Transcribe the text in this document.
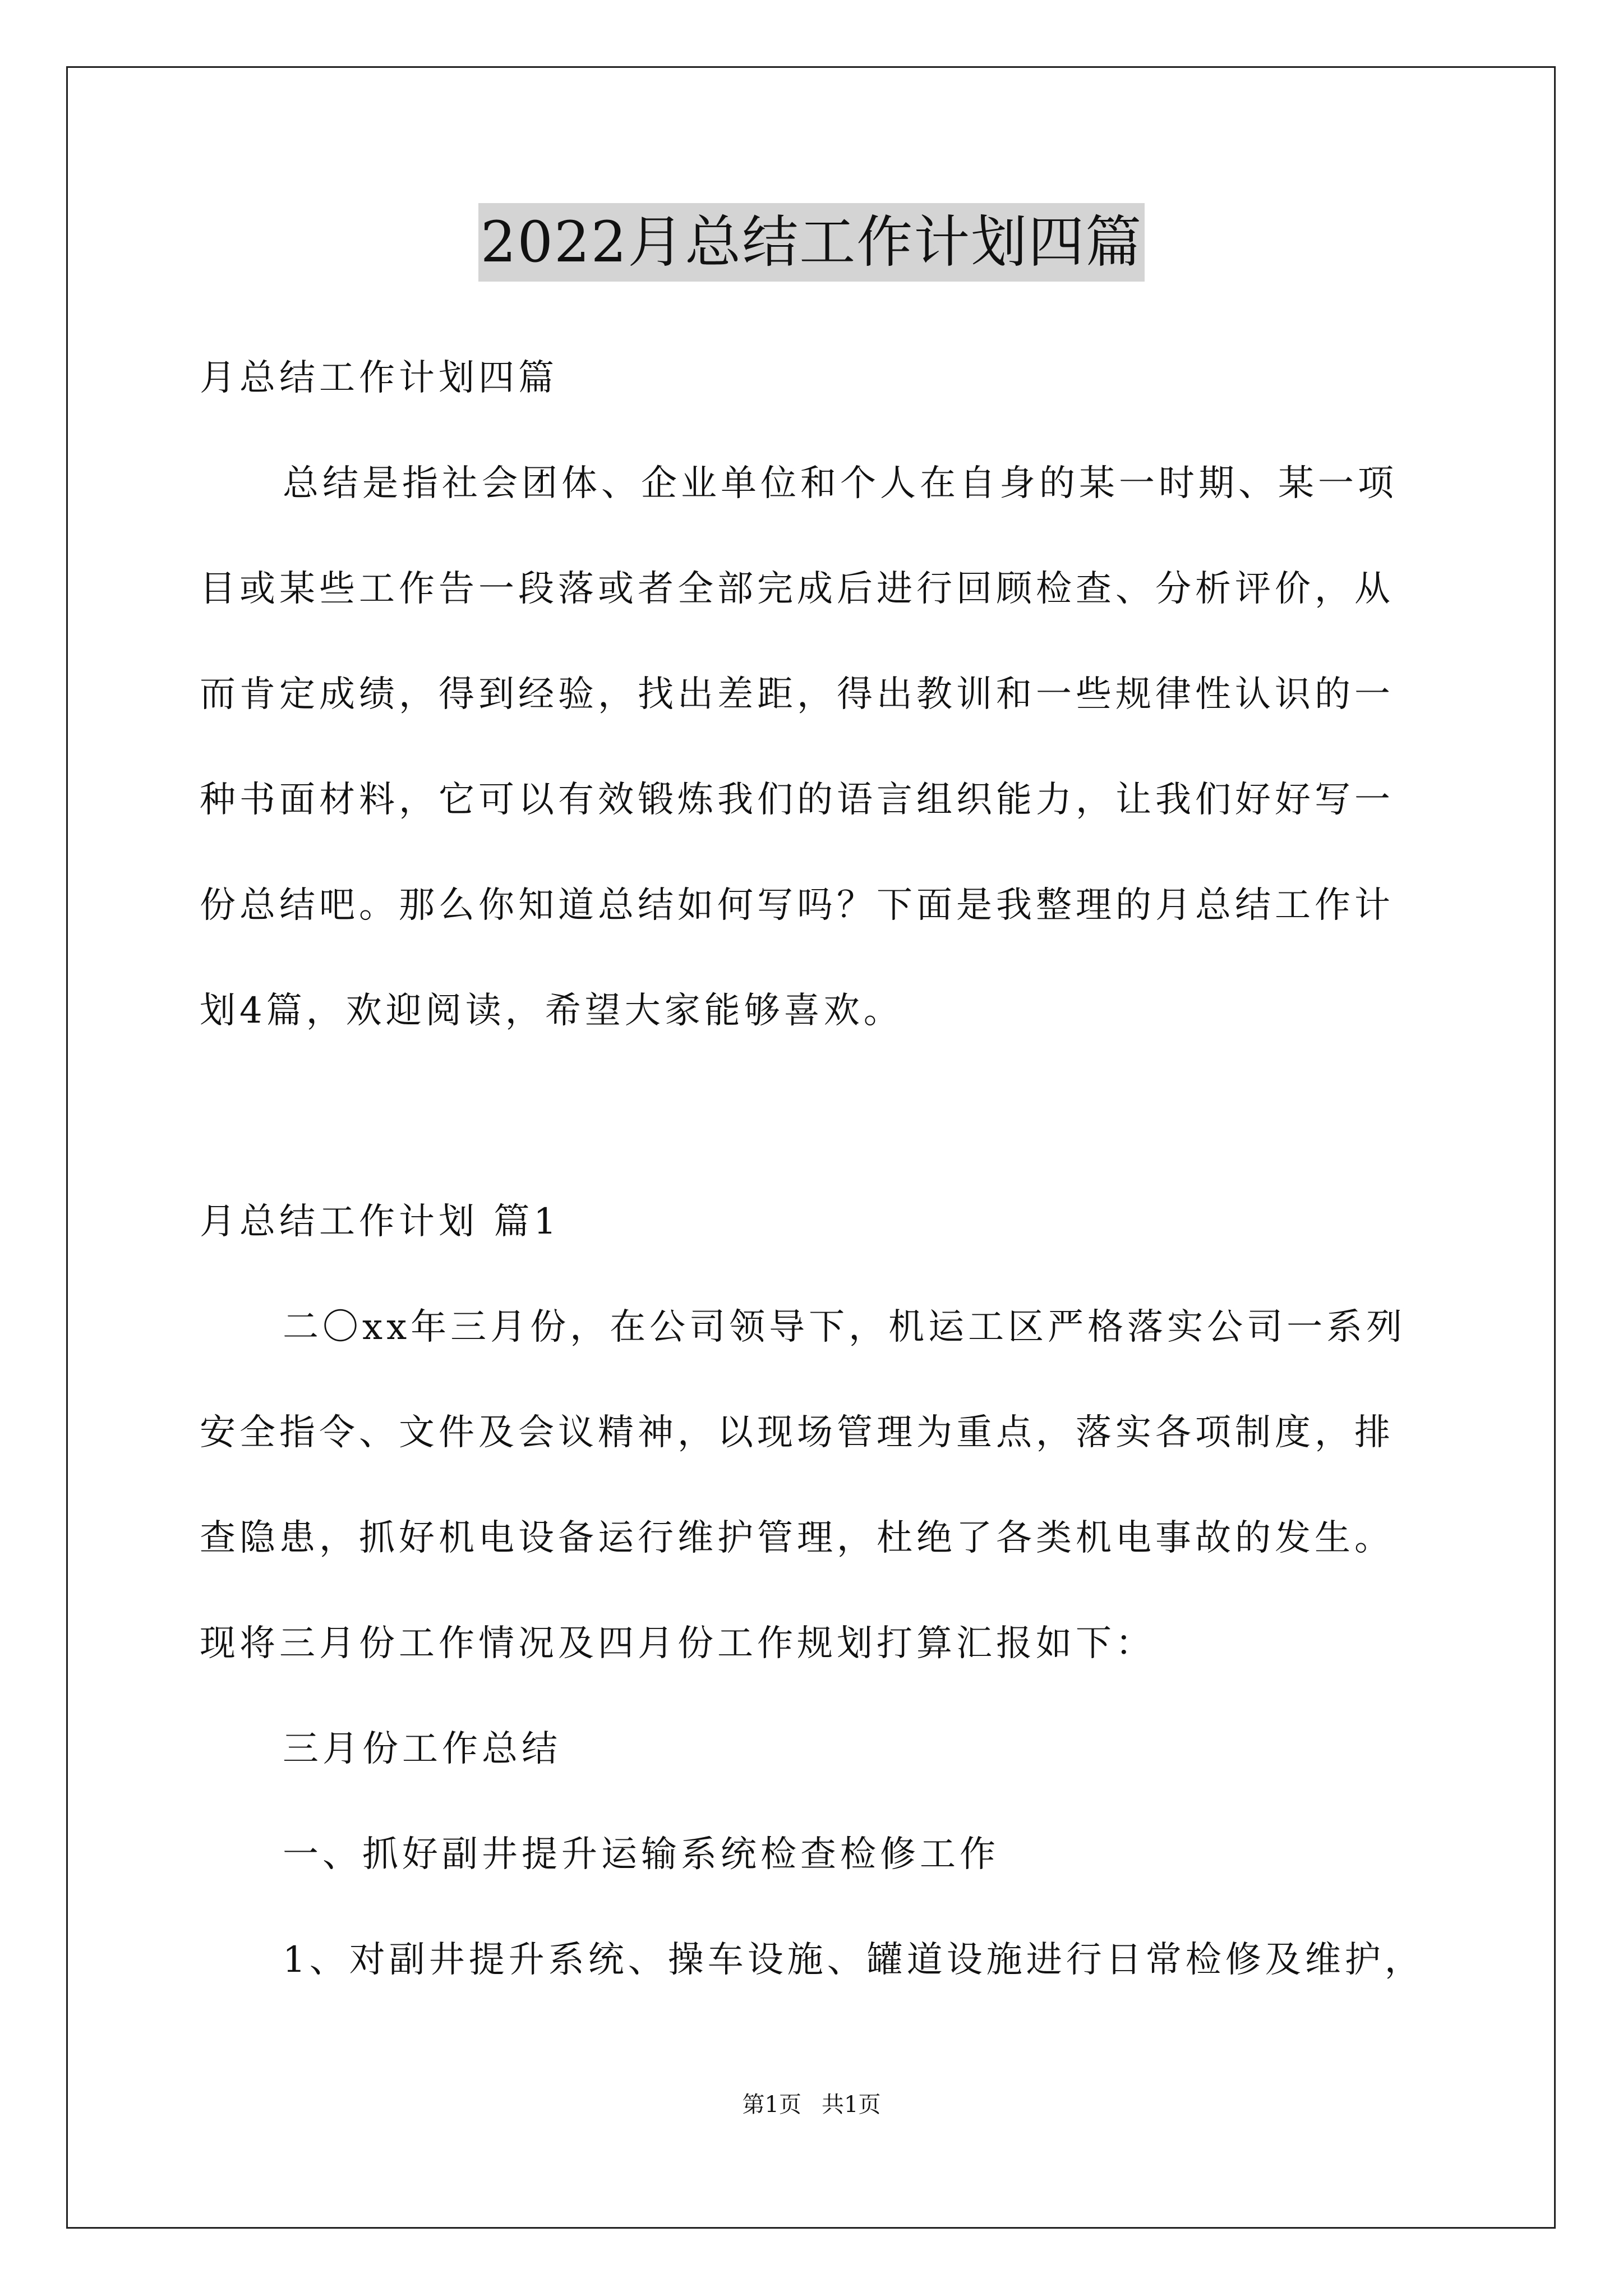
2022月总结工作计划四篇
月总结工作计划四篇
总结是指社会团体、企业单位和个人在自身的某一时期、某一项
目或某些工作告一段落或者全部完成后进行回顾检查、分析评价，从
而肯定成绩，得到经验，找出差距，得出教训和一些规律性认识的一
种书面材料，它可以有效锻炼我们的语言组织能力，让我们好好写一
份总结吧。那么你知道总结如何写吗？下面是我整理的月总结工作计
划4篇，欢迎阅读，希望大家能够喜欢。
月总结工作计划 篇1
二〇xx年三月份，在公司领导下，机运工区严格落实公司一系列
安全指令、文件及会议精神，以现场管理为重点，落实各项制度，排
查隐患，抓好机电设备运行维护管理，杜绝了各类机电事故的发生。
现将三月份工作情况及四月份工作规划打算汇报如下：
三月份工作总结
一、抓好副井提升运输系统检查检修工作
1、对副井提升系统、操车设施、罐道设施进行日常检修及维护，
第1页 共1页
